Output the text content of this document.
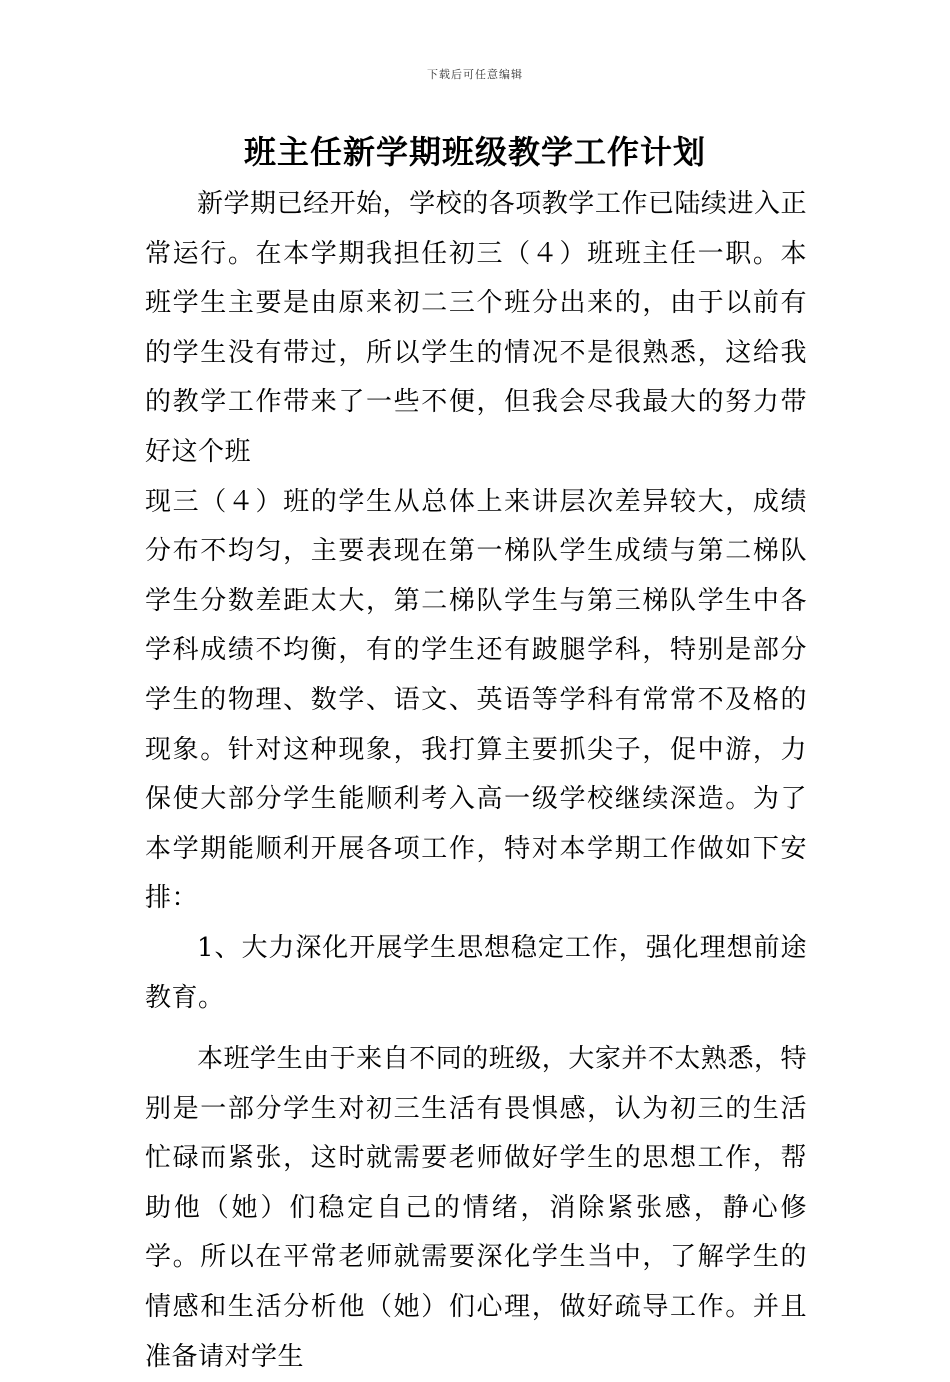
下载后可任意编辑
班主任新学期班级教学工作计划

新学期已经开始，学校的各项教学工作已陆续进入正常运行。在本学期我担任初三（４）班班主任一职。本班学生主要是由原来初二三个班分出来的，由于以前有的学生没有带过，所以学生的情况不是很熟悉，这给我的教学工作带来了一些不便，但我会尽我最大的努力带好这个班

现三（４）班的学生从总体上来讲层次差异较大，成绩分布不均匀，主要表现在第一梯队学生成绩与第二梯队学生分数差距太大，第二梯队学生与第三梯队学生中各学科成绩不均衡，有的学生还有跛腿学科，特别是部分学生的物理、数学、语文、英语等学科有常常不及格的现象。针对这种现象，我打算主要抓尖子，促中游，力保使大部分学生能顺利考入高一级学校继续深造。为了本学期能顺利开展各项工作，特对本学期工作做如下安排：

1、大力深化开展学生思想稳定工作，强化理想前途教育。

本班学生由于来自不同的班级，大家并不太熟悉，特别是一部分学生对初三生活有畏惧感，认为初三的生活忙碌而紧张，这时就需要老师做好学生的思想工作，帮助他（她）们稳定自己的情绪，消除紧张感，静心修学。所以在平常老师就需要深化学生当中，了解学生的情感和生活分析他（她）们心理，做好疏导工作。并且准备请对学生
